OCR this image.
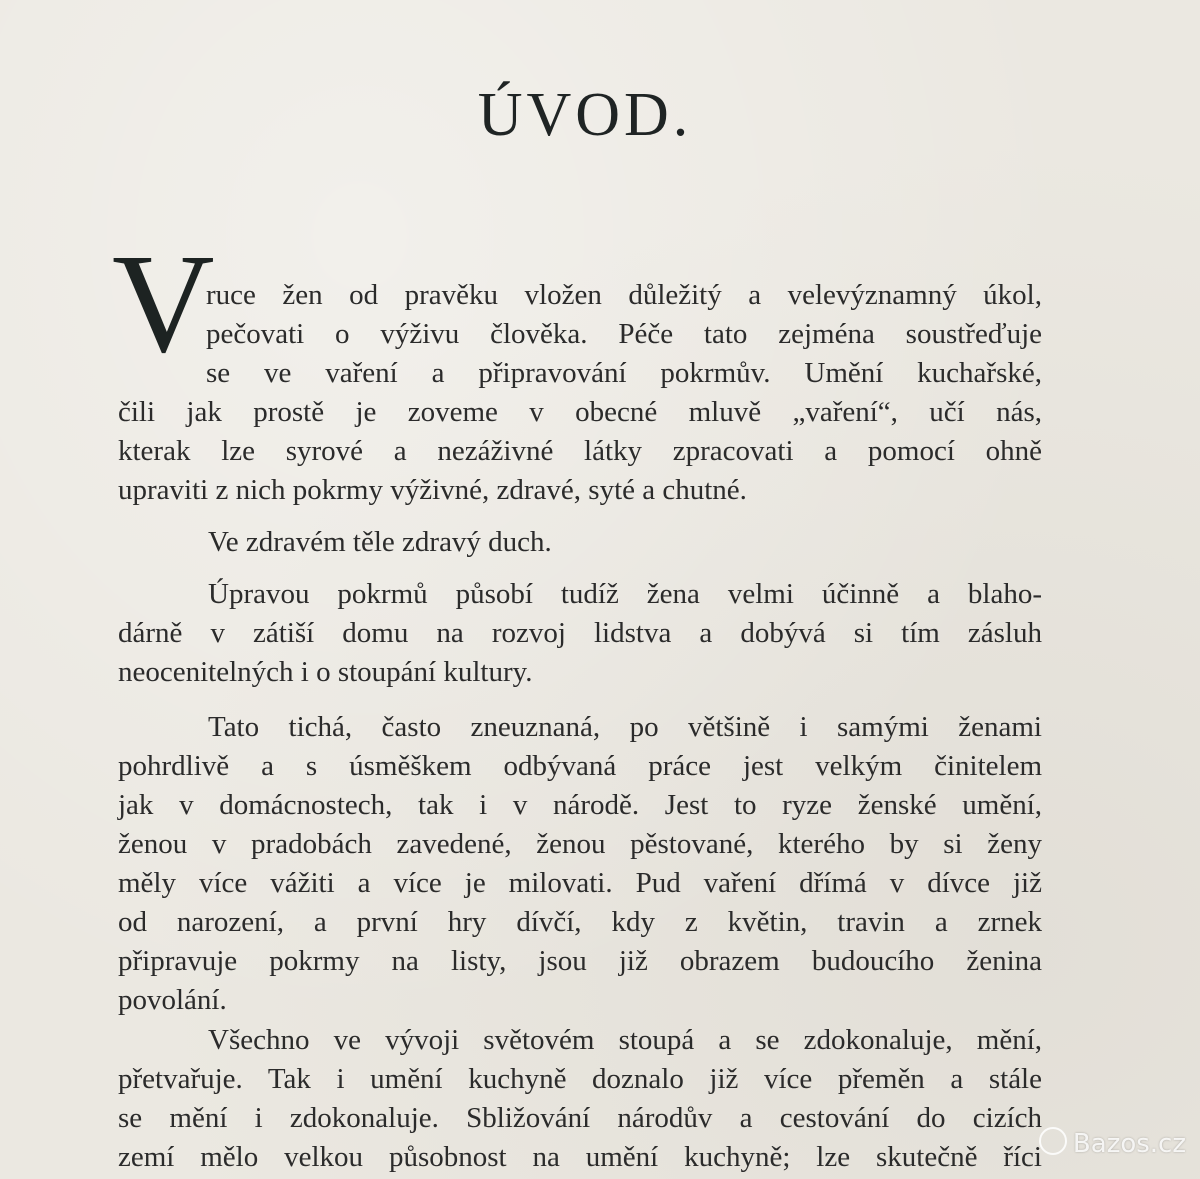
ÚVOD.
V
ruce žen od pravěku vložen důležitý a velevýznamný úkol,
pečovati o výživu člověka. Péče tato zejména soustřeďuje
se ve vaření a připravování pokrmův. Umění kuchařské,
čili jak prostě je zoveme v obecné mluvě „vaření“, učí nás,
kterak lze syrové a nezáživné látky zpracovati a pomocí ohně
upraviti z nich pokrmy výživné, zdravé, syté a chutné.
Ve zdravém těle zdravý duch.
Úpravou pokrmů působí tudíž žena velmi účinně a blaho-
dárně v zátiší domu na rozvoj lidstva a dobývá si tím zásluh
neocenitelných i o stoupání kultury.
Tato tichá, často zneuznaná, po většině i samými ženami
pohrdlivě a s úsměškem odbývaná práce jest velkým činitelem
jak v domácnostech, tak i v národě. Jest to ryze ženské umění,
ženou v pradobách zavedené, ženou pěstované, kterého by si ženy
měly více vážiti a více je milovati. Pud vaření dřímá v dívce již
od narození, a první hry dívčí, kdy z květin, travin a zrnek
připravuje pokrmy na listy, jsou již obrazem budoucího ženina
povolání.
Všechno ve vývoji světovém stoupá a se zdokonaluje, mění,
přetvařuje. Tak i umění kuchyně doznalo již více přeměn a stále
se mění i zdokonaluje. Sbližování národův a cestování do cizích
zemí mělo velkou působnost na umění kuchyně; lze skutečně říci	Bazos.cz
